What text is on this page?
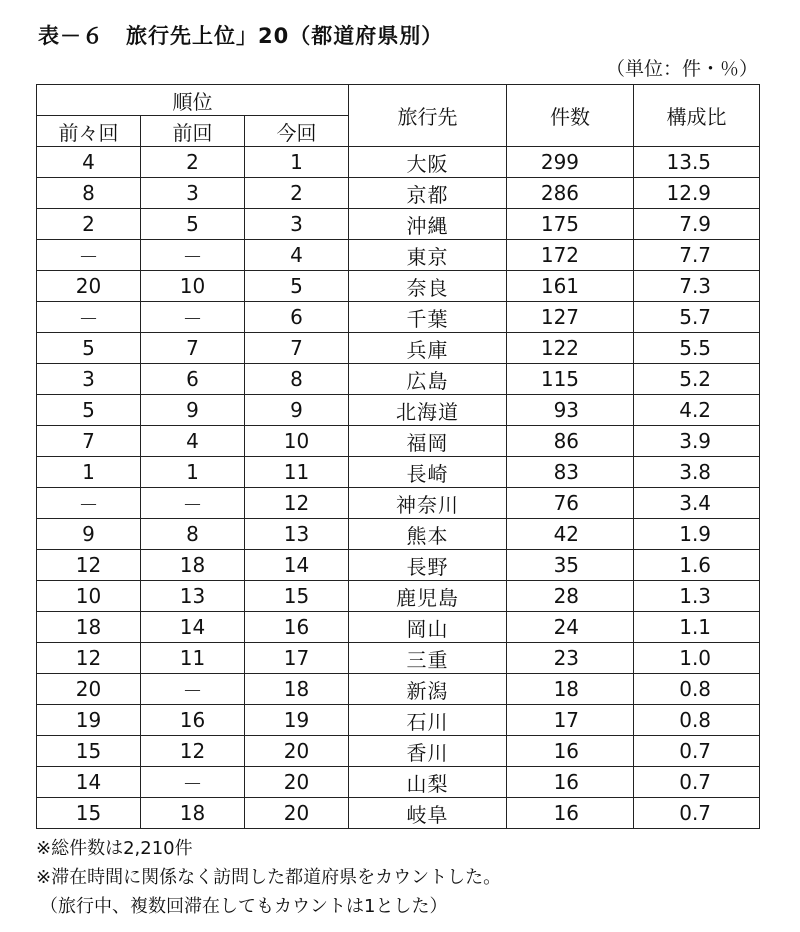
表－６　旅行先上位」20（都道府県別）
（単位：件・％）
順位			旅行先	件数	構成比
前々回	前回	今回			
4	2	1	大阪	299	13.5
8	3	2	京都	286	12.9
2	5	3	沖縄	175	7.9
－	－	4	東京	172	7.7
20	10	5	奈良	161	7.3
－	－	6	千葉	127	5.7
5	7	7	兵庫	122	5.5
3	6	8	広島	115	5.2
5	9	9	北海道	93	4.2
7	4	10	福岡	86	3.9
1	1	11	長崎	83	3.8
－	－	12	神奈川	76	3.4
9	8	13	熊本	42	1.9
12	18	14	長野	35	1.6
10	13	15	鹿児島	28	1.3
18	14	16	岡山	24	1.1
12	11	17	三重	23	1.0
20	－	18	新潟	18	0.8
19	16	19	石川	17	0.8
15	12	20	香川	16	0.7
14	－	20	山梨	16	0.7
15	18	20	岐阜	16	0.7
※総件数は2,210件
※滞在時間に関係なく訪問した都道府県をカウントした。
（旅行中、複数回滞在してもカウントは1とした）
